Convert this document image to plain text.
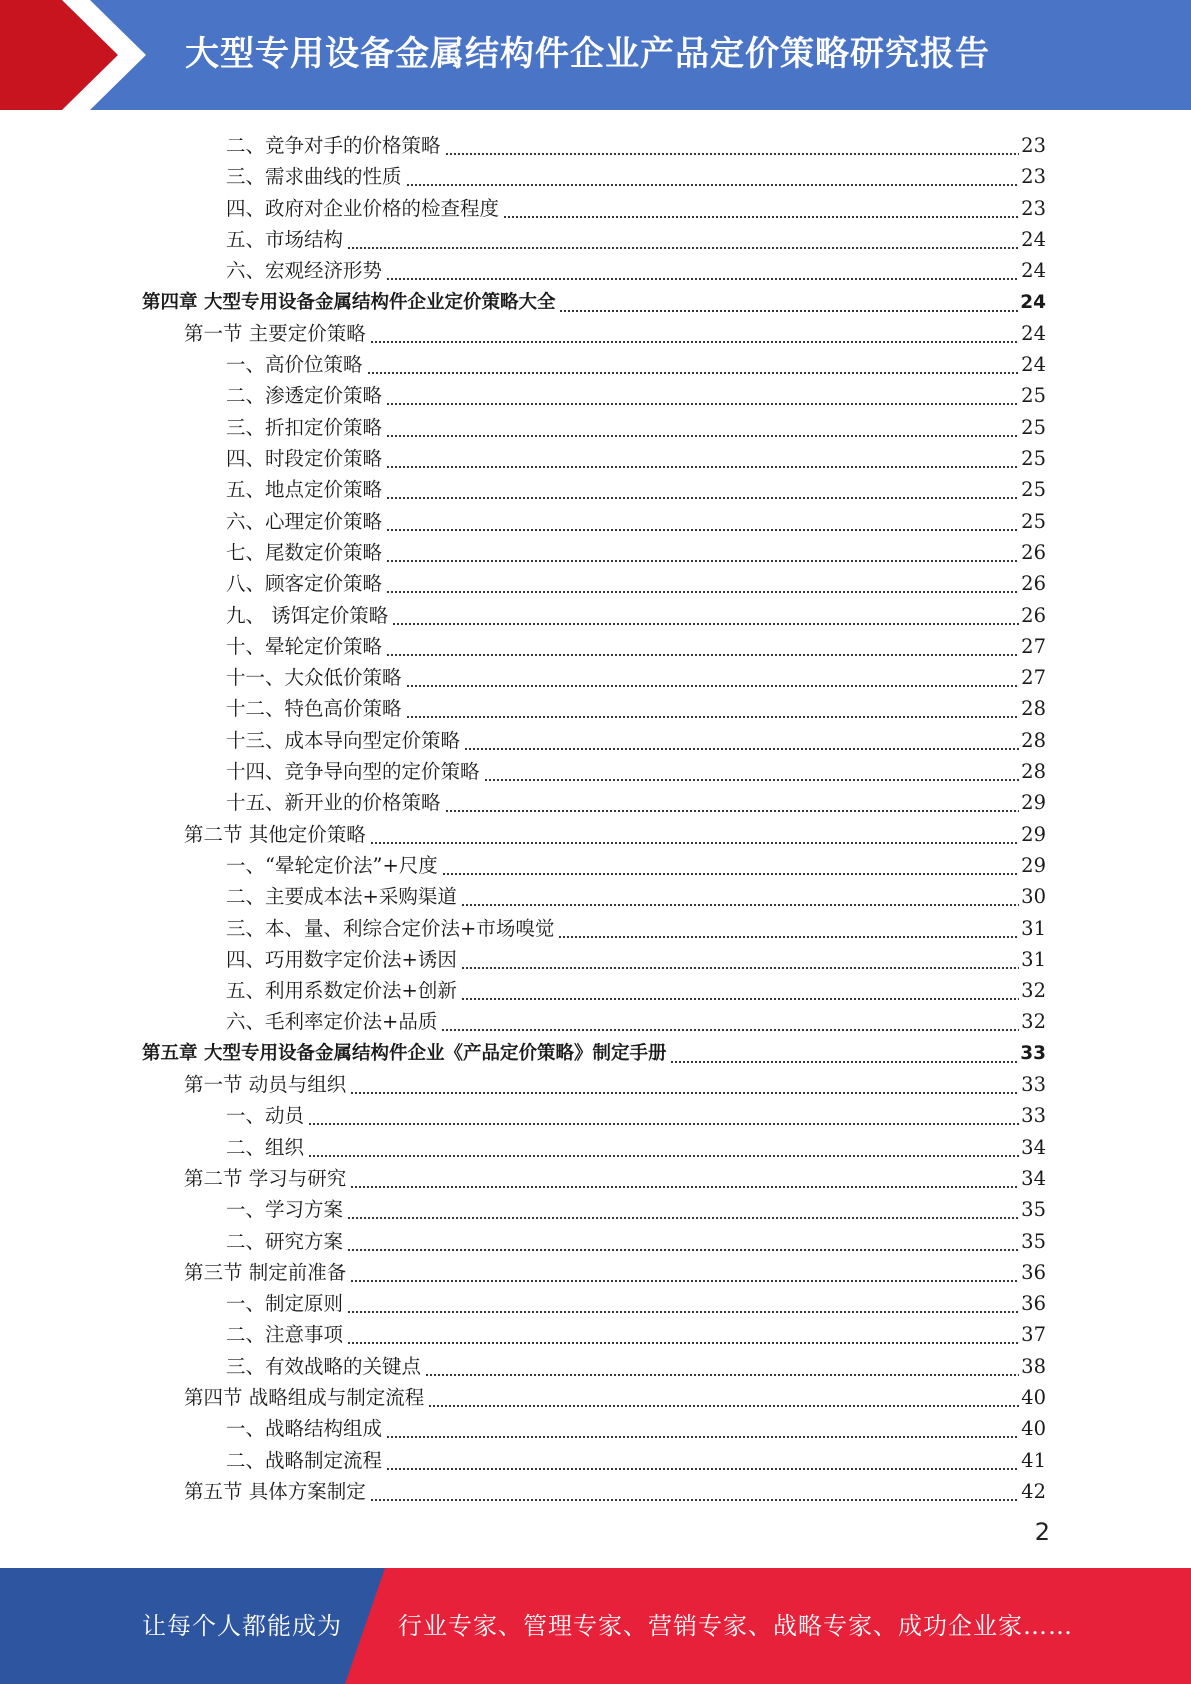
大型专用设备金属结构件企业产品定价策略研究报告
二、竞争对手的价格策略	23
三、需求曲线的性质	23
四、政府对企业价格的检查程度	23
五、市场结构	24
六、宏观经济形势	24
第四章 大型专用设备金属结构件企业定价策略大全	24
第一节 主要定价策略	24
一、高价位策略	24
二、渗透定价策略	25
三、折扣定价策略	25
四、时段定价策略	25
五、地点定价策略	25
六、心理定价策略	25
七、尾数定价策略	26
八、顾客定价策略	26
九、 诱饵定价策略	26
十、晕轮定价策略	27
十一、大众低价策略	27
十二、特色高价策略	28
十三、成本导向型定价策略	28
十四、竞争导向型的定价策略	28
十五、新开业的价格策略	29
第二节 其他定价策略	29
一、“晕轮定价法”+尺度	29
二、主要成本法+采购渠道	30
三、本、量、利综合定价法+市场嗅觉	31
四、巧用数字定价法+诱因	31
五、利用系数定价法+创新	32
六、毛利率定价法+品质	32
第五章 大型专用设备金属结构件企业《产品定价策略》制定手册	33
第一节 动员与组织	33
一、动员	33
二、组织	34
第二节 学习与研究	34
一、学习方案	35
二、研究方案	35
第三节 制定前准备	36
一、制定原则	36
二、注意事项	37
三、有效战略的关键点	38
第四节 战略组成与制定流程	40
一、战略结构组成	40
二、战略制定流程	41
第五节 具体方案制定	42
2
让每个人都能成为 行业专家、管理专家、营销专家、战略专家、成功企业家……
